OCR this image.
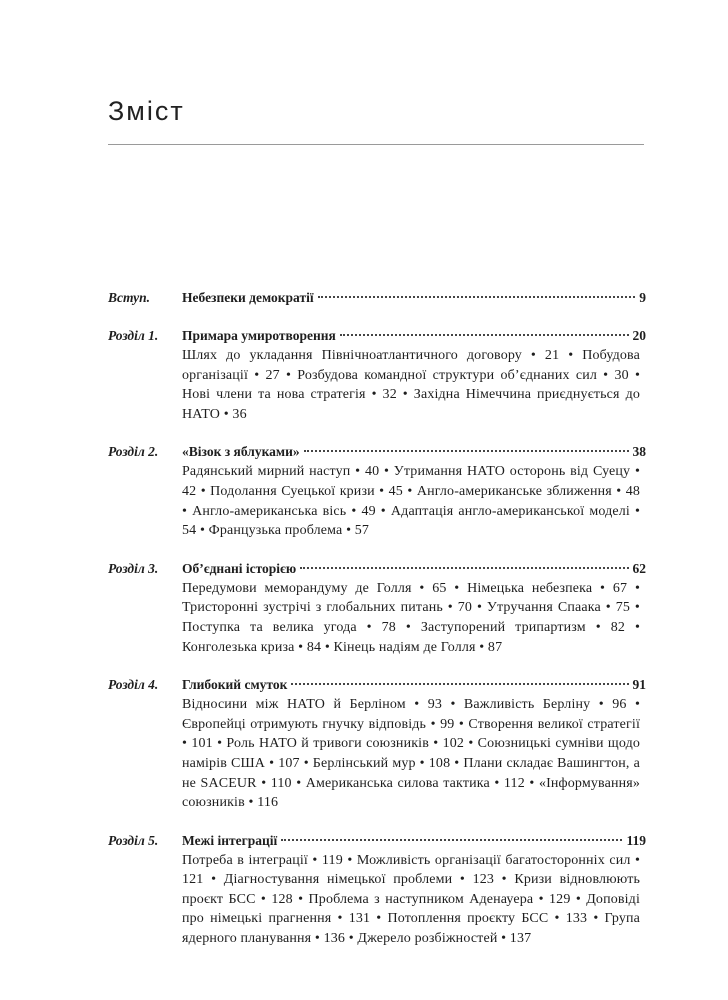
Зміст
Вступ. Небезпеки демократії	9
Розділ 1. Примара умиротворення	20
Шлях до укладання Північноатлантичного договору • 21 • Побудова організації • 27 • Розбудова командної структури об’єднаних сил • 30 • Нові члени та нова стратегія • 32 • Західна Німеччина приєднується до НАТО • 36
Розділ 2. «Візок з яблуками»	38
Радянський мирний наступ • 40 • Утримання НАТО осторонь від Суецу • 42 • Подолання Суецької кризи • 45 • Англо-американське зближення • 48 • Англо-американська вісь • 49 • Адаптація англо-американської моделі • 54 • Французька проблема • 57
Розділ 3. Об’єднані історією	62
Передумови меморандуму де Голля • 65 • Німецька небезпека • 67 • Тристоронні зустрічі з глобальних питань • 70 • Утручання Спаака • 75 • Поступка та велика угода • 78 • Заступорений трипартизм • 82 • Конголезька криза • 84 • Кінець надіям де Голля • 87
Розділ 4. Глибокий смуток	91
Відносини між НАТО й Берліном • 93 • Важливість Берліну • 96 • Європейці отримують гнучку відповідь • 99 • Створення великої стратегії • 101 • Роль НАТО й тривоги союзників • 102 • Союзницькі сумніви щодо намірів США • 107 • Берлінський мур • 108 • Плани складає Вашингтон, а не SACEUR • 110 • Американська силова тактика • 112 • «Інформування» союзників • 116
Розділ 5. Межі інтеграції	119
Потреба в інтеграції • 119 • Можливість організації багатосторонніх сил • 121 • Діагностування німецької проблеми • 123 • Кризи відновлюють проєкт БСС • 128 • Проблема з наступником Аденауера • 129 • Доповіді про німецькі прагнення • 131 • Потоплення проєкту БСС • 133 • Група ядерного планування • 136 • Джерело розбіжностей • 137
